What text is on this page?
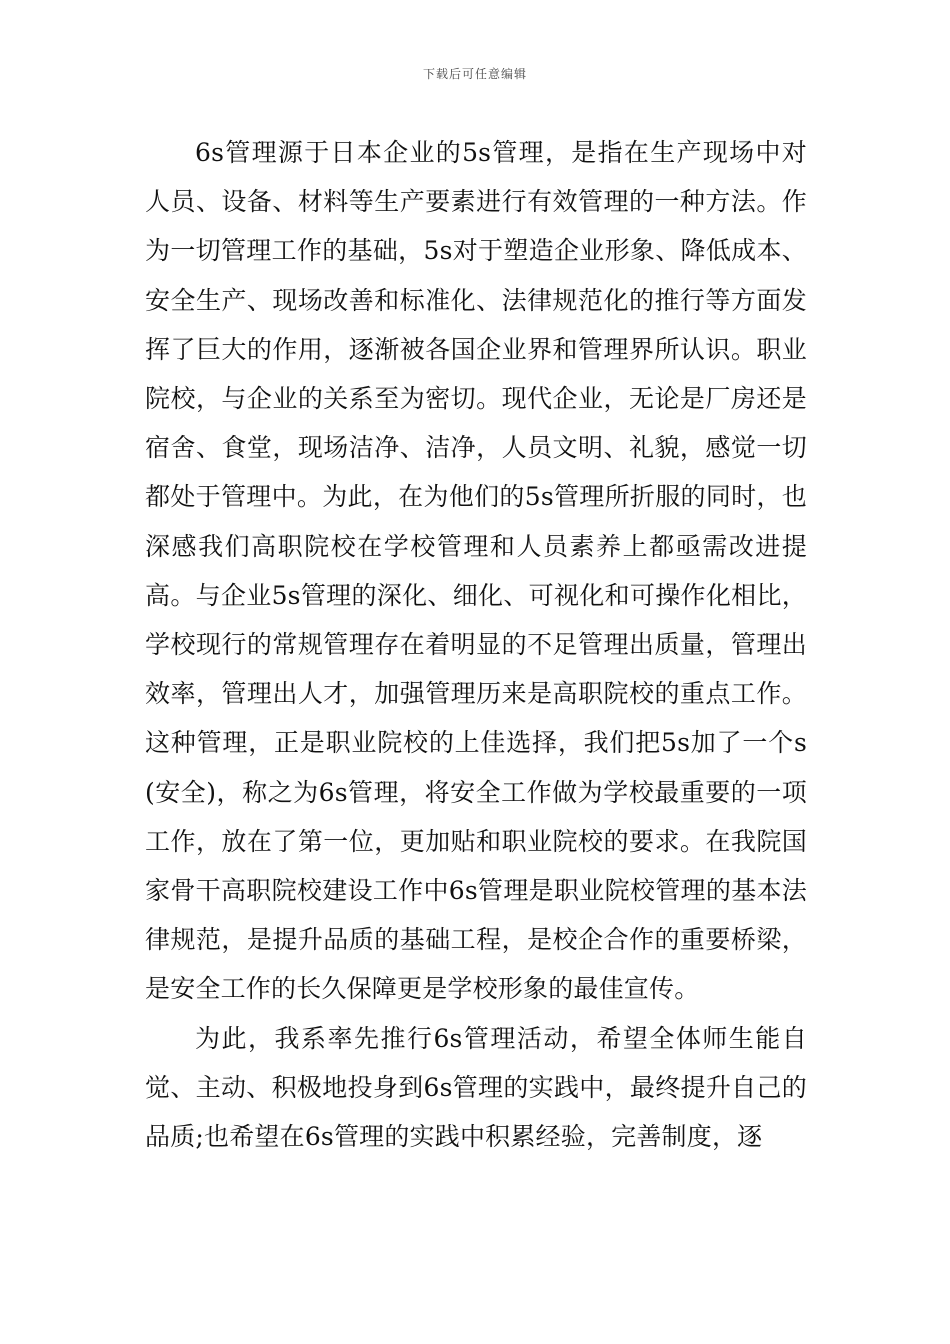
下载后可任意编辑

6s管理源于日本企业的5s管理，是指在生产现场中对人员、设备、材料等生产要素进行有效管理的一种方法。作为一切管理工作的基础，5s对于塑造企业形象、降低成本、安全生产、现场改善和标准化、法律规范化的推行等方面发挥了巨大的作用，逐渐被各国企业界和管理界所认识。职业院校，与企业的关系至为密切。现代企业，无论是厂房还是宿舍、食堂，现场洁净、洁净，人员文明、礼貌，感觉一切都处于管理中。为此，在为他们的5s管理所折服的同时，也深感我们高职院校在学校管理和人员素养上都亟需改进提高。与企业5s管理的深化、细化、可视化和可操作化相比，学校现行的常规管理存在着明显的不足管理出质量，管理出效率，管理出人才，加强管理历来是高职院校的重点工作。这种管理，正是职业院校的上佳选择，我们把5s加了一个s(安全)，称之为6s管理，将安全工作做为学校最重要的一项工作，放在了第一位，更加贴和职业院校的要求。在我院国家骨干高职院校建设工作中6s管理是职业院校管理的基本法律规范，是提升品质的基础工程，是校企合作的重要桥梁，是安全工作的长久保障更是学校形象的最佳宣传。

为此，我系率先推行6s管理活动，希望全体师生能自觉、主动、积极地投身到6s管理的实践中，最终提升自己的品质;也希望在6s管理的实践中积累经验，完善制度，逐
